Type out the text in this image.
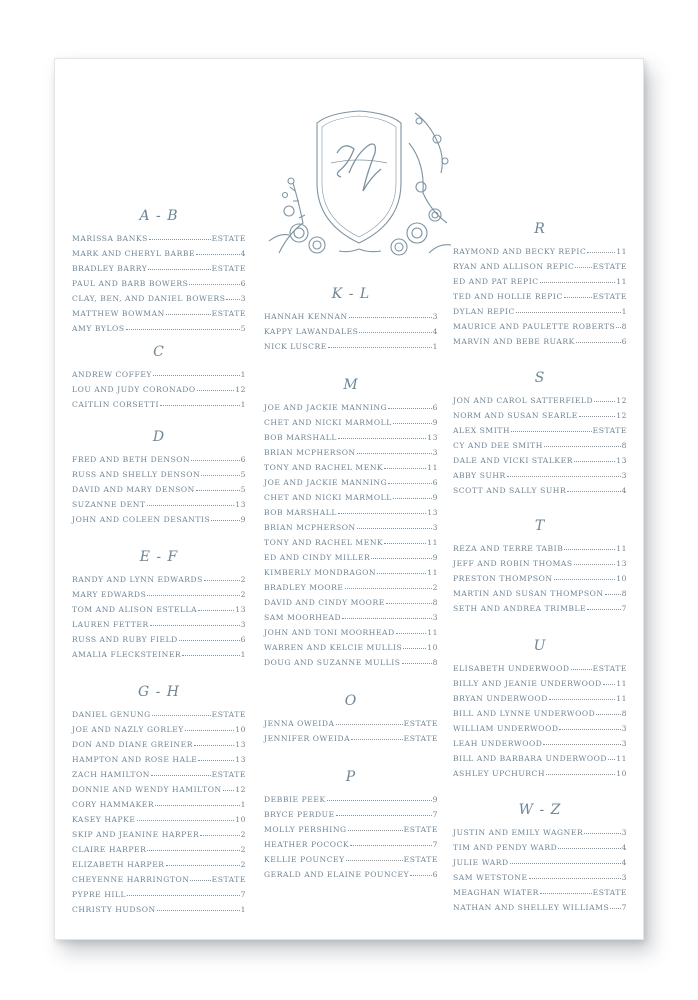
A - B
MARISSA BANKS	ESTATE
MARK AND CHERYL BARBE	4
BRADLEY BARRY	ESTATE
PAUL AND BARB BOWERS	6
CLAY, BEN, AND DANIEL BOWERS 3
MATTHEW BOWMAN	ESTATE
AMY BYLOS	5
C
ANDREW COFFEY	1
LOU AND JUDY CORONADO	12
CAITLIN CORSETTI	1
D
FRED AND BETH DENSON	6
RUSS AND SHELLY DENSON	5
DAVID AND MARY DENSON	5
SUZANNE DENT	13
JOHN AND COLEEN DESANTIS	9
E - F
RANDY AND LYNN EDWARDS	2
MARY EDWARDS	2
TOM AND ALISON ESTELLA	13
LAUREN FETTER	3
RUSS AND RUBY FIELD	6
AMALIA FLECKSTEINER	1
G - H
DANIEL GENUNG	ESTATE
JOE AND NAZLY GORLEY	10
DON AND DIANE GREINER	13
HAMPTON AND ROSE HALE	13
ZACH HAMILTON	ESTATE
DONNIE AND WENDY HAMILTON 12
CORY HAMMAKER	1
KASEY HAPKE	10
SKIP AND JEANINE HARPER	2
CLAIRE HARPER	2
ELIZABETH HARPER	2
CHEYENNE HARRINGTON	ESTATE
PYPRE HILL	7
CHRISTY HUDSON	1
K - L
HANNAH KENNAN	3
KAPPY LAWANDALES	4
NICK LUSCRE	1
M
JOE AND JACKIE MANNING	6
CHET AND NICKI MARMOLL	9
BOB MARSHALL	13
BRIAN MCPHERSON	3
TONY AND RACHEL MENK	11
JOE AND JACKIE MANNING	6
CHET AND NICKI MARMOLL	9
BOB MARSHALL	13
BRIAN MCPHERSON	3
TONY AND RACHEL MENK	11
ED AND CINDY MILLER	9
KIMBERLY MONDRAGON	11
BRADLEY MOORE	2
DAVID AND CINDY MOORE	8
SAM MOORHEAD	3
JOHN AND TONI MOORHEAD	11
WARREN AND KELCIE MULLIS	10
DOUG AND SUZANNE MULLIS	8
O
JENNA OWEIDA	ESTATE
JENNIFER OWEIDA	ESTATE
P
DEBBIE PEEK	9
BRYCE PERDUE	7
MOLLY PERSHING	ESTATE
HEATHER POCOCK	7
KELLIE POUNCEY	ESTATE
GERALD AND ELAINE POUNCEY	6
R
RAYMOND AND BECKY REPIC	11
RYAN AND ALLISON REPIC ESTATE
ED AND PAT REPIC	11
TED AND HOLLIE REPIC	ESTATE
DYLAN REPIC	1
MAURICE AND PAULETTE ROBERTS 8
MARVIN AND BEBE RUARK	6
S
JON AND CAROL SATTERFIELD	12
NORM AND SUSAN SEARLE	12
ALEX SMITH	ESTATE
CY AND DEE SMITH	8
DALE AND VICKI STALKER	13
ABBY SUHR	3
SCOTT AND SALLY SUHR	4
T
REZA AND TERRE TABIB	11
JEFF AND ROBIN THOMAS	13
PRESTON THOMPSON	10
MARTIN AND SUSAN THOMPSON 8
SETH AND ANDREA TRIMBLE	7
U
ELISABETH UNDERWOOD	ESTATE
BILLY AND JEANIE UNDERWOOD 11
BRYAN UNDERWOOD	11
BILL AND LYNNE UNDERWOOD	8
WILLIAM UNDERWOOD	3
LEAH UNDERWOOD	3
BILL AND BARBARA UNDERWOOD 11
ASHLEY UPCHURCH	10
W - Z
JUSTIN AND EMILY WAGNER	3
TIM AND PENDY WARD	4
JULIE WARD	4
SAM WETSTONE	3
MEAGHAN WIATER	ESTATE
NATHAN AND SHELLEY WILLIAMS 7
